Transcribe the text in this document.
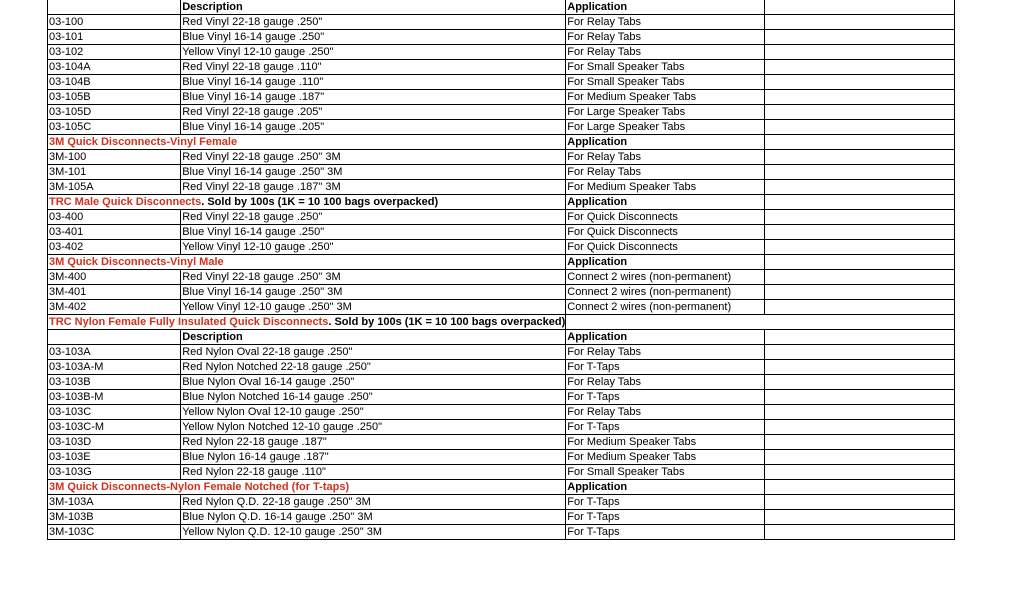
	Description	Application	
03-100	Red Vinyl 22-18 gauge .250"	For Relay Tabs	
03-101	Blue Vinyl 16-14 gauge .250"	For Relay Tabs	
03-102	Yellow Vinyl 12-10 gauge .250"	For Relay Tabs	
03-104A	Red Vinyl 22-18 gauge .110"	For Small Speaker Tabs	
03-104B	Blue Vinyl 16-14 gauge .110"	For Small Speaker Tabs	
03-105B	Blue Vinyl 16-14 gauge .187"	For Medium Speaker Tabs	
03-105D	Red Vinyl 22-18 gauge .205"	For Large Speaker Tabs	
03-105C	Blue Vinyl 16-14 gauge .205"	For Large Speaker Tabs	
3M Quick Disconnects-Vinyl Female		Application	
3M-100	Red Vinyl 22-18 gauge .250" 3M	For Relay Tabs	
3M-101	Blue Vinyl 16-14 gauge .250" 3M	For Relay Tabs	
3M-105A	Red Vinyl 22-18 gauge .187" 3M	For Medium Speaker Tabs	
TRC Male Quick Disconnects. Sold by 100s (1K = 10 100 bags overpacked)		Application	
03-400	Red Vinyl 22-18 gauge .250"	For Quick Disconnects	
03-401	Blue Vinyl 16-14 gauge .250"	For Quick Disconnects	
03-402	Yellow Vinyl 12-10 gauge .250"	For Quick Disconnects	
3M Quick Disconnects-Vinyl Male		Application	
3M-400	Red Vinyl 22-18 gauge .250" 3M	Connect 2 wires (non-permanent)	
3M-401	Blue Vinyl 16-14 gauge .250" 3M	Connect 2 wires (non-permanent)	
3M-402	Yellow Vinyl 12-10 gauge .250" 3M	Connect 2 wires (non-permanent)	
TRC Nylon Female Fully Insulated Quick Disconnects. Sold by 100s (1K = 10 100 bags overpacked)			
	Description	Application	
03-103A	Red Nylon Oval 22-18 gauge .250"	For Relay Tabs	
03-103A-M	Red Nylon Notched 22-18 gauge .250"	For T-Taps	
03-103B	Blue Nylon Oval 16-14 gauge .250"	For Relay Tabs	
03-103B-M	Blue Nylon Notched 16-14 gauge .250"	For T-Taps	
03-103C	Yellow Nylon Oval 12-10 gauge .250"	For Relay Tabs	
03-103C-M	Yellow Nylon Notched 12-10 gauge .250"	For T-Taps	
03-103D	Red Nylon 22-18 gauge .187"	For Medium Speaker Tabs	
03-103E	Blue Nylon 16-14 gauge .187"	For Medium Speaker Tabs	
03-103G	Red Nylon 22-18 gauge .110"	For Small Speaker Tabs	
3M Quick Disconnects-Nylon Female Notched (for T-taps)		Application	
3M-103A	Red Nylon Q.D. 22-18 gauge .250" 3M	For T-Taps	
3M-103B	Blue Nylon Q.D. 16-14 gauge .250" 3M	For T-Taps	
3M-103C	Yellow Nylon Q.D. 12-10 gauge .250" 3M	For T-Taps	
